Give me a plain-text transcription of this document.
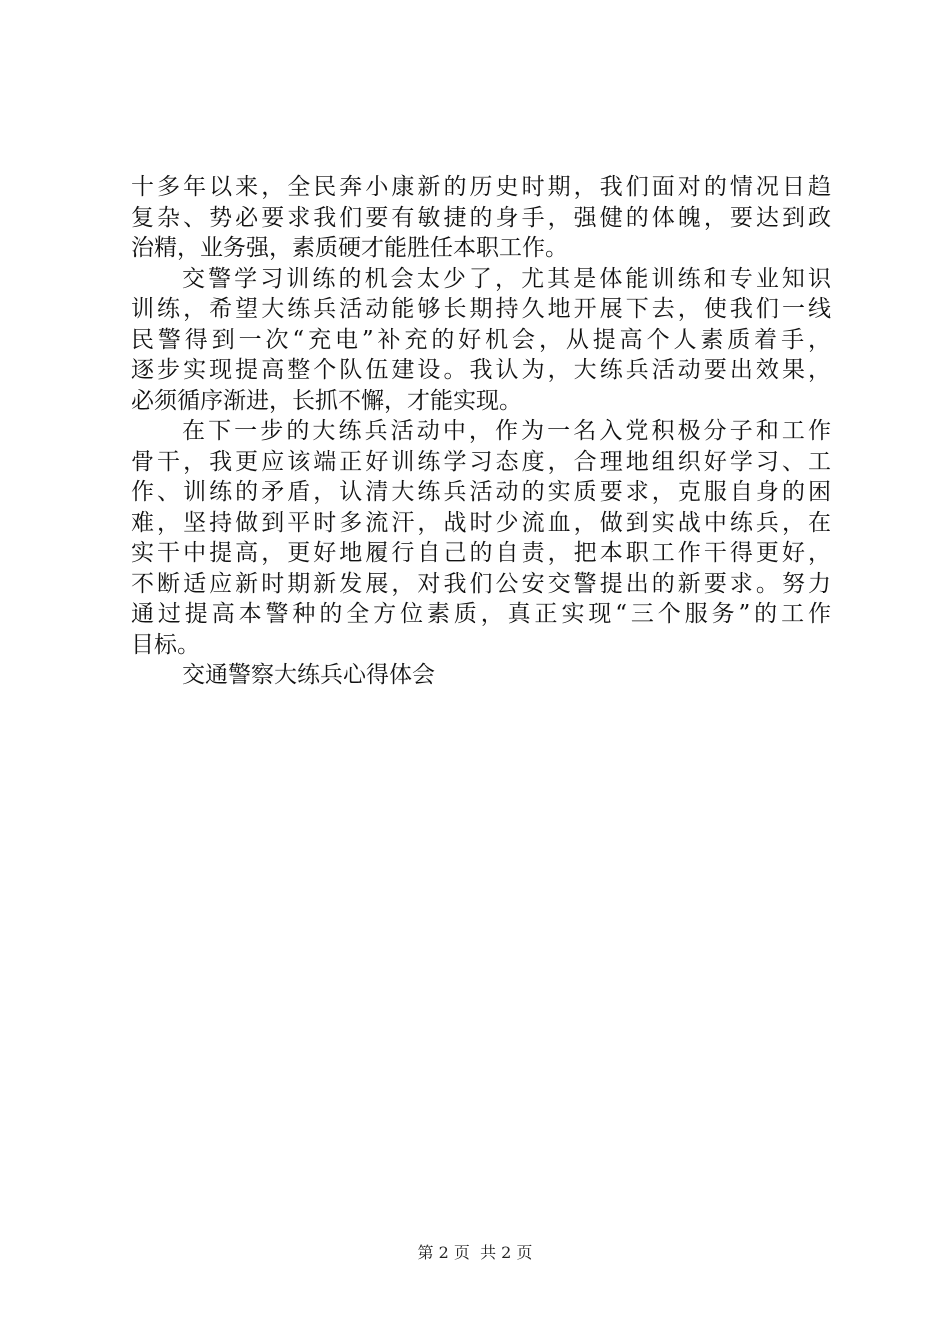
十多年以来，全民奔小康新的历史时期，我们面对的情况日趋
复杂、势必要求我们要有敏捷的身手，强健的体魄，要达到政
治精，业务强，素质硬才能胜任本职工作。
交警学习训练的机会太少了，尤其是体能训练和专业知识
训练，希望大练兵活动能够长期持久地开展下去，使我们一线
民警得到一次“充电”补充的好机会，从提高个人素质着手，
逐步实现提高整个队伍建设。我认为，大练兵活动要出效果，
必须循序渐进，长抓不懈，才能实现。
在下一步的大练兵活动中，作为一名入党积极分子和工作
骨干，我更应该端正好训练学习态度，合理地组织好学习、工
作、训练的矛盾，认清大练兵活动的实质要求，克服自身的困
难，坚持做到平时多流汗，战时少流血，做到实战中练兵，在
实干中提高，更好地履行自己的自责，把本职工作干得更好，
不断适应新时期新发展，对我们公安交警提出的新要求。努力
通过提高本警种的全方位素质，真正实现“三个服务”的工作
目标。
交通警察大练兵心得体会
第 2 页  共 2 页
